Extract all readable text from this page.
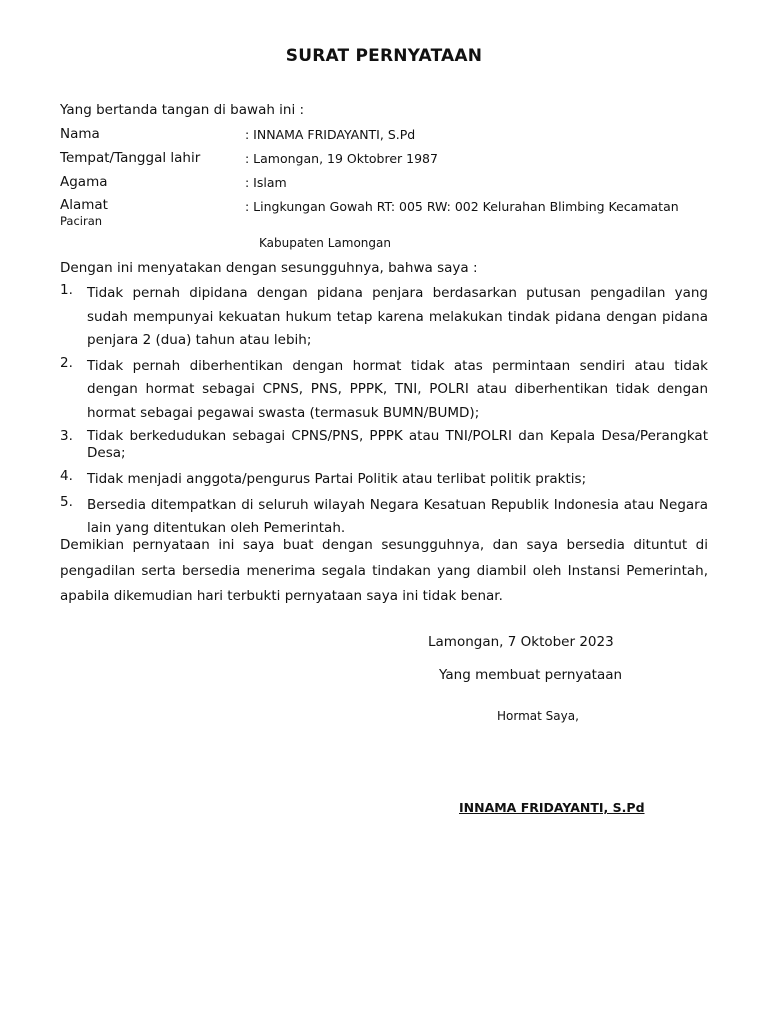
SURAT PERNYATAAN
Yang bertanda tangan di bawah ini :
Nama	: INNAMA FRIDAYANTI, S.Pd
Tempat/Tanggal lahir	: Lamongan, 19 Oktobrer 1987
Agama	: Islam
Alamat	: Lingkungan Gowah RT: 005 RW: 002 Kelurahan Blimbing Kecamatan
Paciran
Kabupaten Lamongan
Dengan ini menyatakan dengan sesungguhnya, bahwa saya :
1. Tidak pernah dipidana dengan pidana penjara berdasarkan putusan pengadilan yang sudah mempunyai kekuatan hukum tetap karena melakukan tindak pidana dengan pidana penjara 2 (dua) tahun atau lebih;
2. Tidak pernah diberhentikan dengan hormat tidak atas permintaan sendiri atau tidak dengan hormat sebagai CPNS, PNS, PPPK, TNI, POLRI atau diberhentikan tidak dengan hormat sebagai pegawai swasta (termasuk BUMN/BUMD);
3. Tidak berkedudukan sebagai CPNS/PNS, PPPK atau TNI/POLRI dan Kepala Desa/Perangkat Desa;
4. Tidak menjadi anggota/pengurus Partai Politik atau terlibat politik praktis;
5. Bersedia ditempatkan di seluruh wilayah Negara Kesatuan Republik Indonesia atau Negara lain yang ditentukan oleh Pemerintah.
Demikian pernyataan ini saya buat dengan sesungguhnya, dan saya bersedia dituntut di pengadilan serta bersedia menerima segala tindakan yang diambil oleh Instansi Pemerintah, apabila dikemudian hari terbukti pernyataan saya ini tidak benar.
Lamongan, 7 Oktober 2023
Yang membuat pernyataan
Hormat Saya,
INNAMA FRIDAYANTI, S.Pd
